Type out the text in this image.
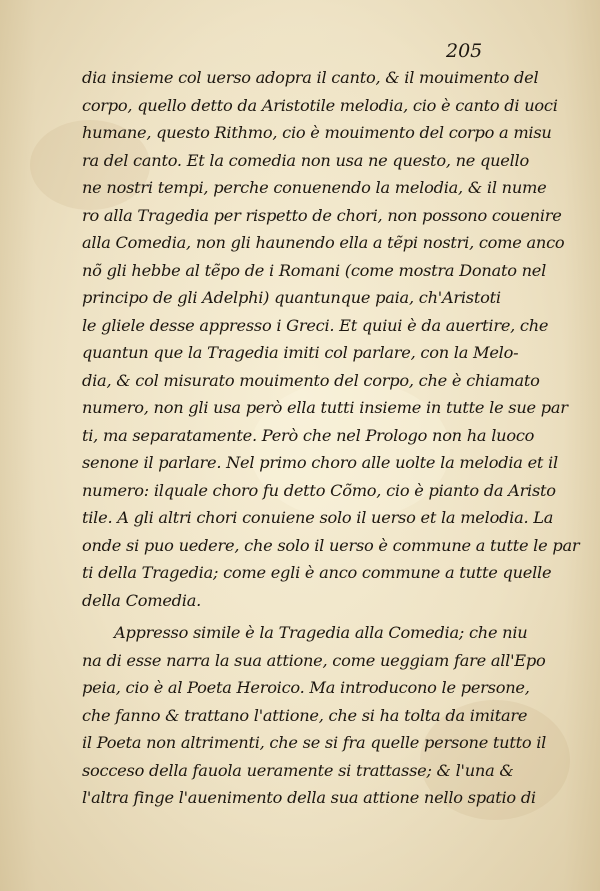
205
dia insieme col uerso adopra il canto, & il mouimento del
corpo, quello detto da Aristotile melodia, cio è canto di uoci
humane, questo Rithmo, cio è mouimento del corpo a misu
ra del canto. Et la comedia non usa ne questo, ne quello
ne nostri tempi, perche conuenendo la melodia, & il nume
ro alla Tragedia per rispetto de chori, non possono couenire
alla Comedia, non gli haunendo ella a tẽpi nostri, come anco
nõ gli hebbe al tẽpo de i Romani (come mostra Donato nel
principo de gli Adelphi) quantunque paia, ch'Aristoti
le gliele desse appresso i Greci. Et quiui è da auertire, che
quantun que la Tragedia imiti col parlare, con la Melo-
dia, & col misurato mouimento del corpo, che è chiamato
numero, non gli usa però ella tutti insieme in tutte le sue par
ti, ma separatamente. Però che nel Prologo non ha luoco
senone il parlare. Nel primo choro alle uolte la melodia et il
numero: ilquale choro fu detto Cõmo, cio è pianto da Aristo
tile. A gli altri chori conuiene solo il uerso et la melodia. La
onde si puo uedere, che solo il uerso è commune a tutte le par
ti della Tragedia; come egli è anco commune a tutte quelle
della Comedia.
Appresso simile è la Tragedia alla Comedia; che niu
na di esse narra la sua attione, come ueggiam fare all'Epo
peia, cio è al Poeta Heroico. Ma introducono le persone,
che fanno & trattano l'attione, che si ha tolta da imitare
il Poeta non altrimenti, che se si fra quelle persone tutto il
socceso della fauola ueramente si trattasse; & l'una &
l'altra finge l'auenimento della sua attione nello spatio di
